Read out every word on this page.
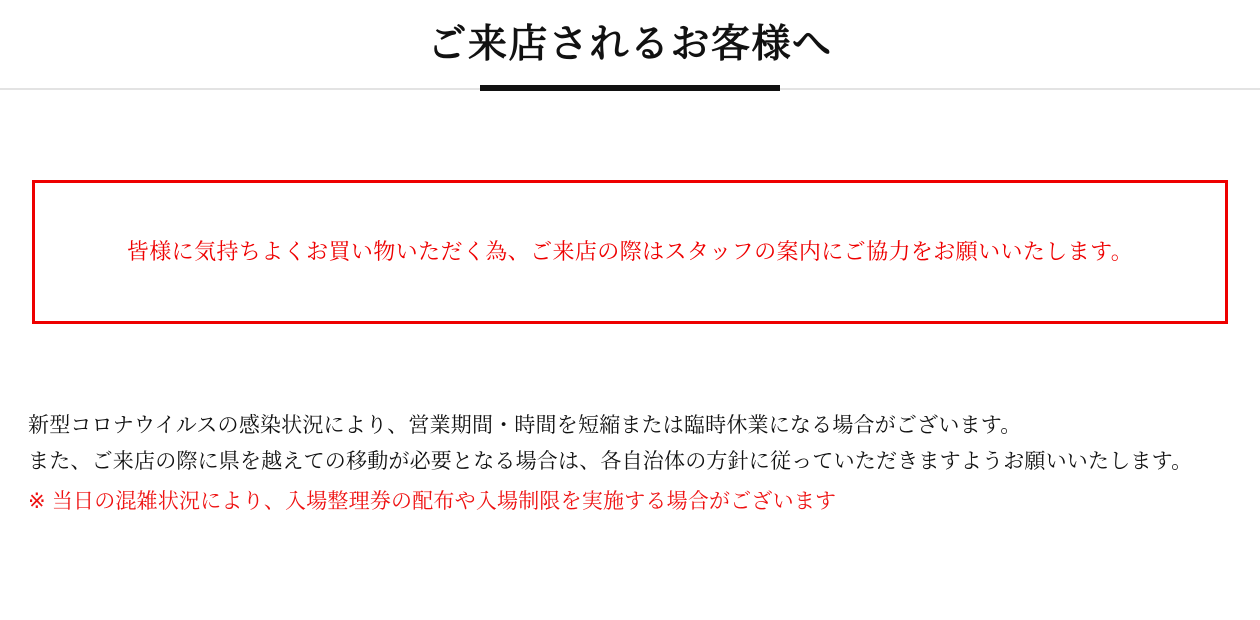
ご来店されるお客様へ
皆様に気持ちよくお買い物いただく為、ご来店の際はスタッフの案内にご協力をお願いいたします。
新型コロナウイルスの感染状況により、営業期間・時間を短縮または臨時休業になる場合がございます。
また、ご来店の際に県を越えての移動が必要となる場合は、各自治体の方針に従っていただきますようお願いいたします。
※ 当日の混雑状況により、入場整理券の配布や入場制限を実施する場合がございます
